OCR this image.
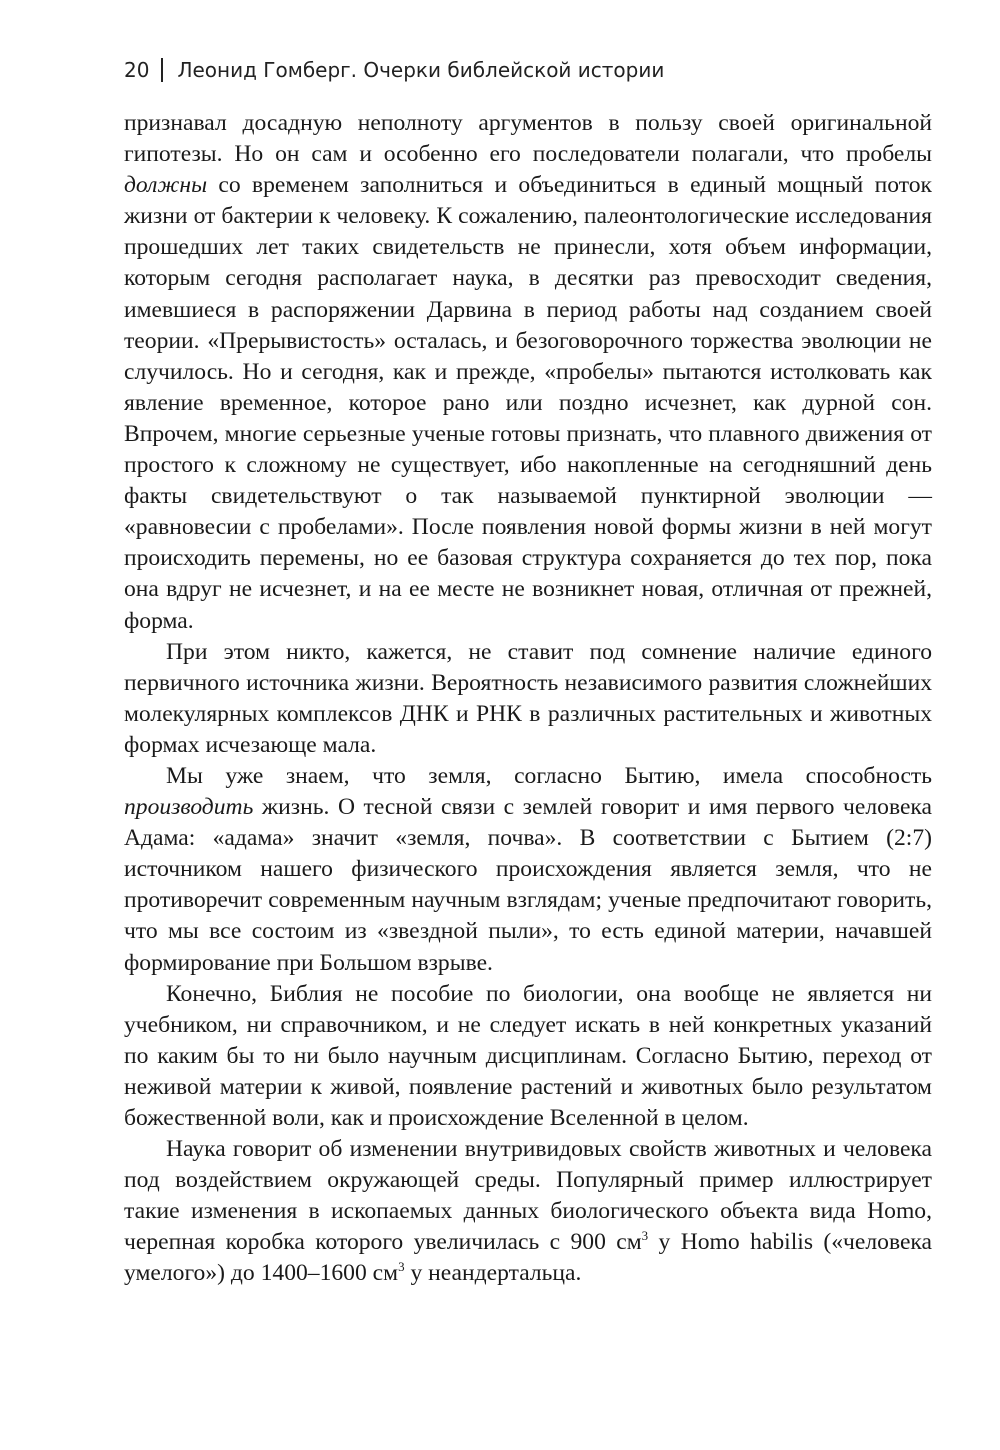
20 Леонид Гомберг. Очерки библейской истории

признавал досадную неполноту аргументов в пользу своей оригинальной гипотезы. Но он сам и особенно его последователи полагали, что пробелы должны со временем заполниться и объединиться в единый мощный поток жизни от бактерии к человеку. К сожалению, палеонтологические исследования прошедших лет таких свидетельств не принесли, хотя объем информации, которым сегодня располагает наука, в десятки раз превосходит сведения, имевшиеся в распоряжении Дарвина в период работы над созданием своей теории. «Прерывистость» осталась, и безоговорочного торжества эволюции не случилось. Но и сегодня, как и прежде, «пробелы» пытаются истолковать как явление временное, которое рано или поздно исчезнет, как дурной сон. Впрочем, многие серьезные ученые готовы признать, что плавного движения от простого к сложному не существует, ибо накопленные на сегодняшний день факты свидетельствуют о так называемой пунктирной эволюции — «равновесии с пробелами». После появления новой формы жизни в ней могут происходить перемены, но ее базовая структура сохраняется до тех пор, пока она вдруг не исчезнет, и на ее месте не возникнет новая, отличная от прежней, форма.

При этом никто, кажется, не ставит под сомнение наличие единого первичного источника жизни. Вероятность независимого развития сложнейших молекулярных комплексов ДНК и РНК в различных растительных и животных формах исчезающе мала.

Мы уже знаем, что земля, согласно Бытию, имела способность производить жизнь. О тесной связи с землей говорит и имя первого человека Адама: «адама» значит «земля, почва». В соответствии с Бытием (2:7) источником нашего физического происхождения является земля, что не противоречит современным научным взглядам; ученые предпочитают говорить, что мы все состоим из «звездной пыли», то есть единой материи, начавшей формирование при Большом взрыве.

Конечно, Библия не пособие по биологии, она вообще не является ни учебником, ни справочником, и не следует искать в ней конкретных указаний по каким бы то ни было научным дисциплинам. Согласно Бытию, переход от неживой материи к живой, появление растений и животных было результатом божественной воли, как и происхождение Вселенной в целом.

Наука говорит об изменении внутривидовых свойств животных и человека под воздействием окружающей среды. Популярный пример иллюстрирует такие изменения в ископаемых данных биологического объекта вида Homo, черепная коробка которого увеличилась с 900 $см^3$ у Homo habilis («человека умелого») до 1400–1600 $см^3$ у неандертальца.
